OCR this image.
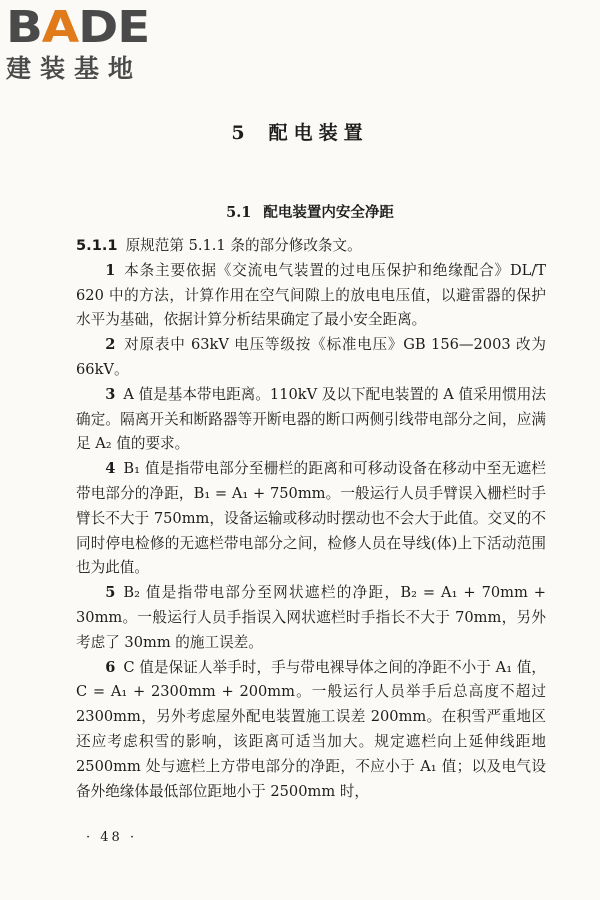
BADE
建装基地
5 配电装置
5.1 配电装置内安全净距

5.1.1 原规范第 5.1.1 条的部分修改条文。

1 本条主要依据《交流电气装置的过电压保护和绝缘配合》DL/T 620 中的方法，计算作用在空气间隙上的放电电压值，以避雷器的保护水平为基础，依据计算分析结果确定了最小安全距离。

2 对原表中 63kV 电压等级按《标准电压》GB 156—2003 改为 66kV。

3 A 值是基本带电距离。110kV 及以下配电装置的 A 值采用惯用法确定。隔离开关和断路器等开断电器的断口两侧引线带电部分之间，应满足 A₂ 值的要求。

4 B₁ 值是指带电部分至栅栏的距离和可移动设备在移动中至无遮栏带电部分的净距，B₁ = A₁ + 750mm。一般运行人员手臂误入栅栏时手臂长不大于 750mm，设备运输或移动时摆动也不会大于此值。交叉的不同时停电检修的无遮栏带电部分之间，检修人员在导线(体)上下活动范围也为此值。

5 B₂ 值是指带电部分至网状遮栏的净距，B₂ = A₁ + 70mm + 30mm。一般运行人员手指误入网状遮栏时手指长不大于 70mm，另外考虑了 30mm 的施工误差。

6 C 值是保证人举手时，手与带电裸导体之间的净距不小于 A₁ 值，C = A₁ + 2300mm + 200mm。一般运行人员举手后总高度不超过 2300mm，另外考虑屋外配电装置施工误差 200mm。在积雪严重地区还应考虑积雪的影响，该距离可适当加大。规定遮栏向上延伸线距地 2500mm 处与遮栏上方带电部分的净距，不应小于 A₁ 值；以及电气设备外绝缘体最低部位距地小于 2500mm 时，

· 48 ·
